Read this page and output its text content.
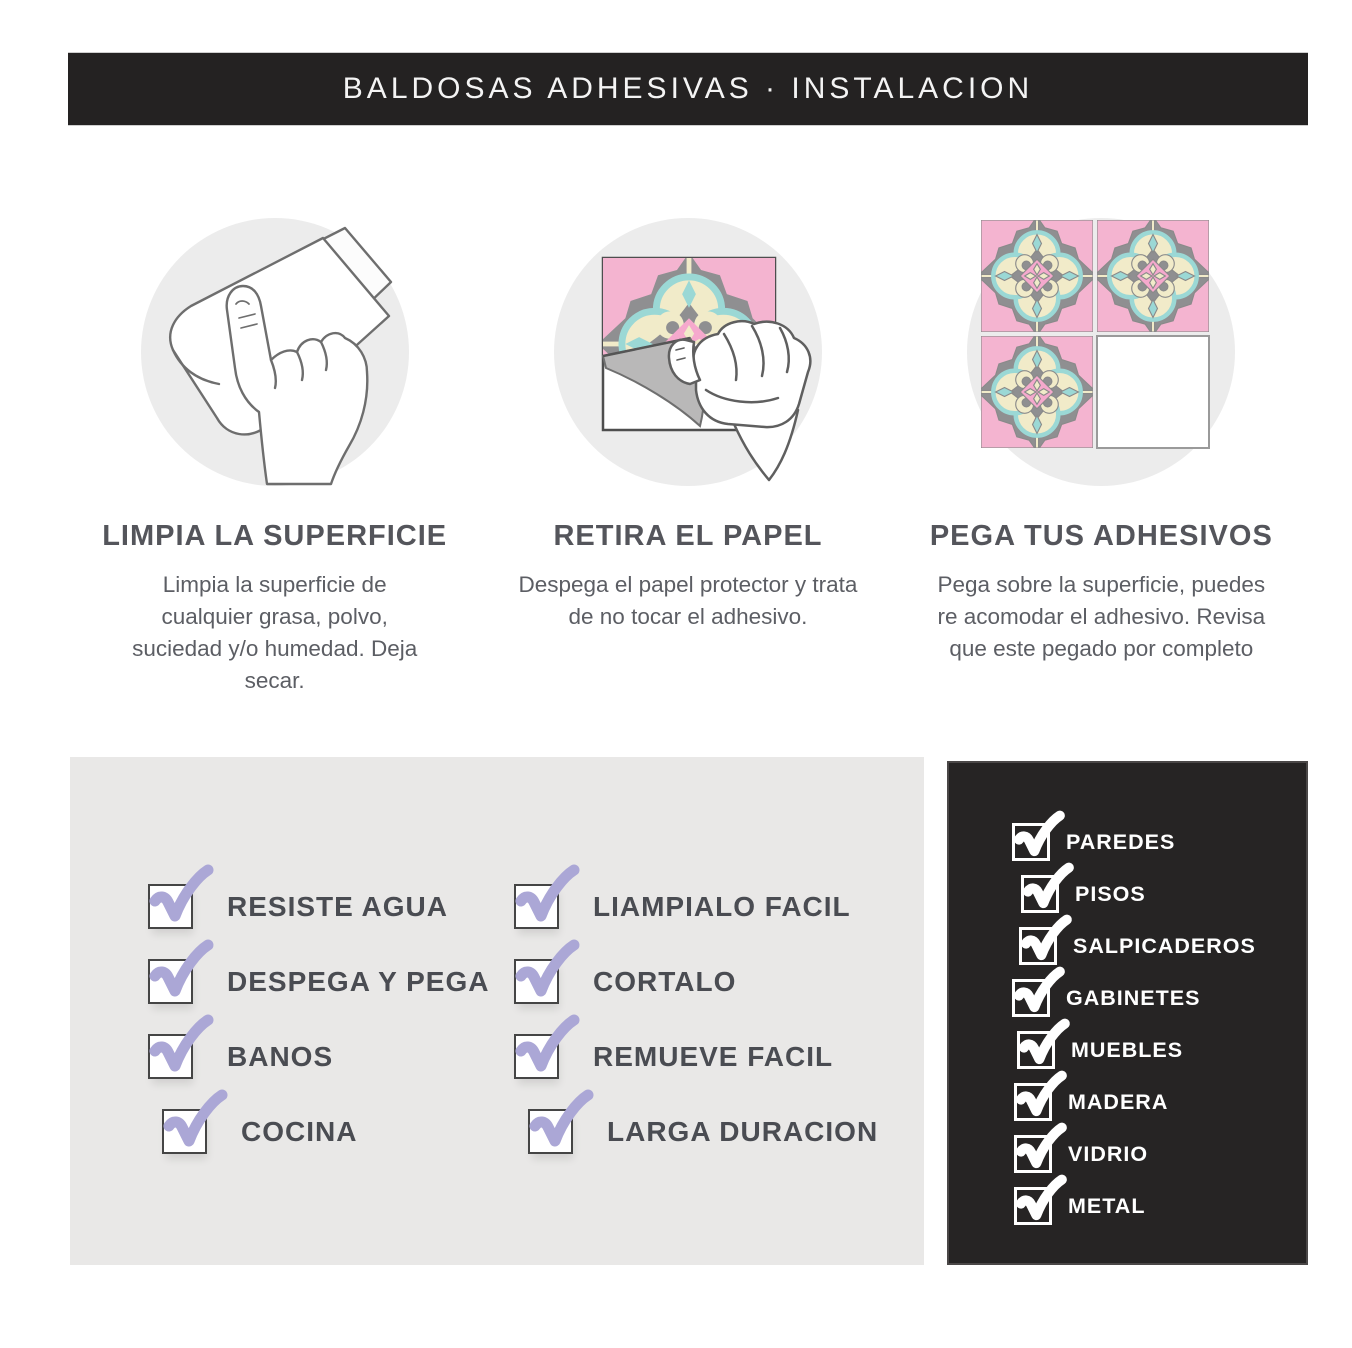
BALDOSAS ADHESIVAS · INSTALACION
LIMPIA LA SUPERFICIE
Limpia la superficie de cualquier grasa, polvo, suciedad y/o humedad. Deja secar.
RETIRA EL PAPEL
Despega el papel protector y trata de no tocar el adhesivo.
PEGA TUS ADHESIVOS
Pega sobre la superficie, puedes re acomodar el adhesivo. Revisa que este pegado por completo
RESISTE AGUA
DESPEGA Y PEGA
BANOS
COCINA
LIAMPIALO FACIL
CORTALO
REMUEVE FACIL
LARGA DURACION
PAREDES
PISOS
SALPICADEROS
GABINETES
MUEBLES
MADERA
VIDRIO
METAL
